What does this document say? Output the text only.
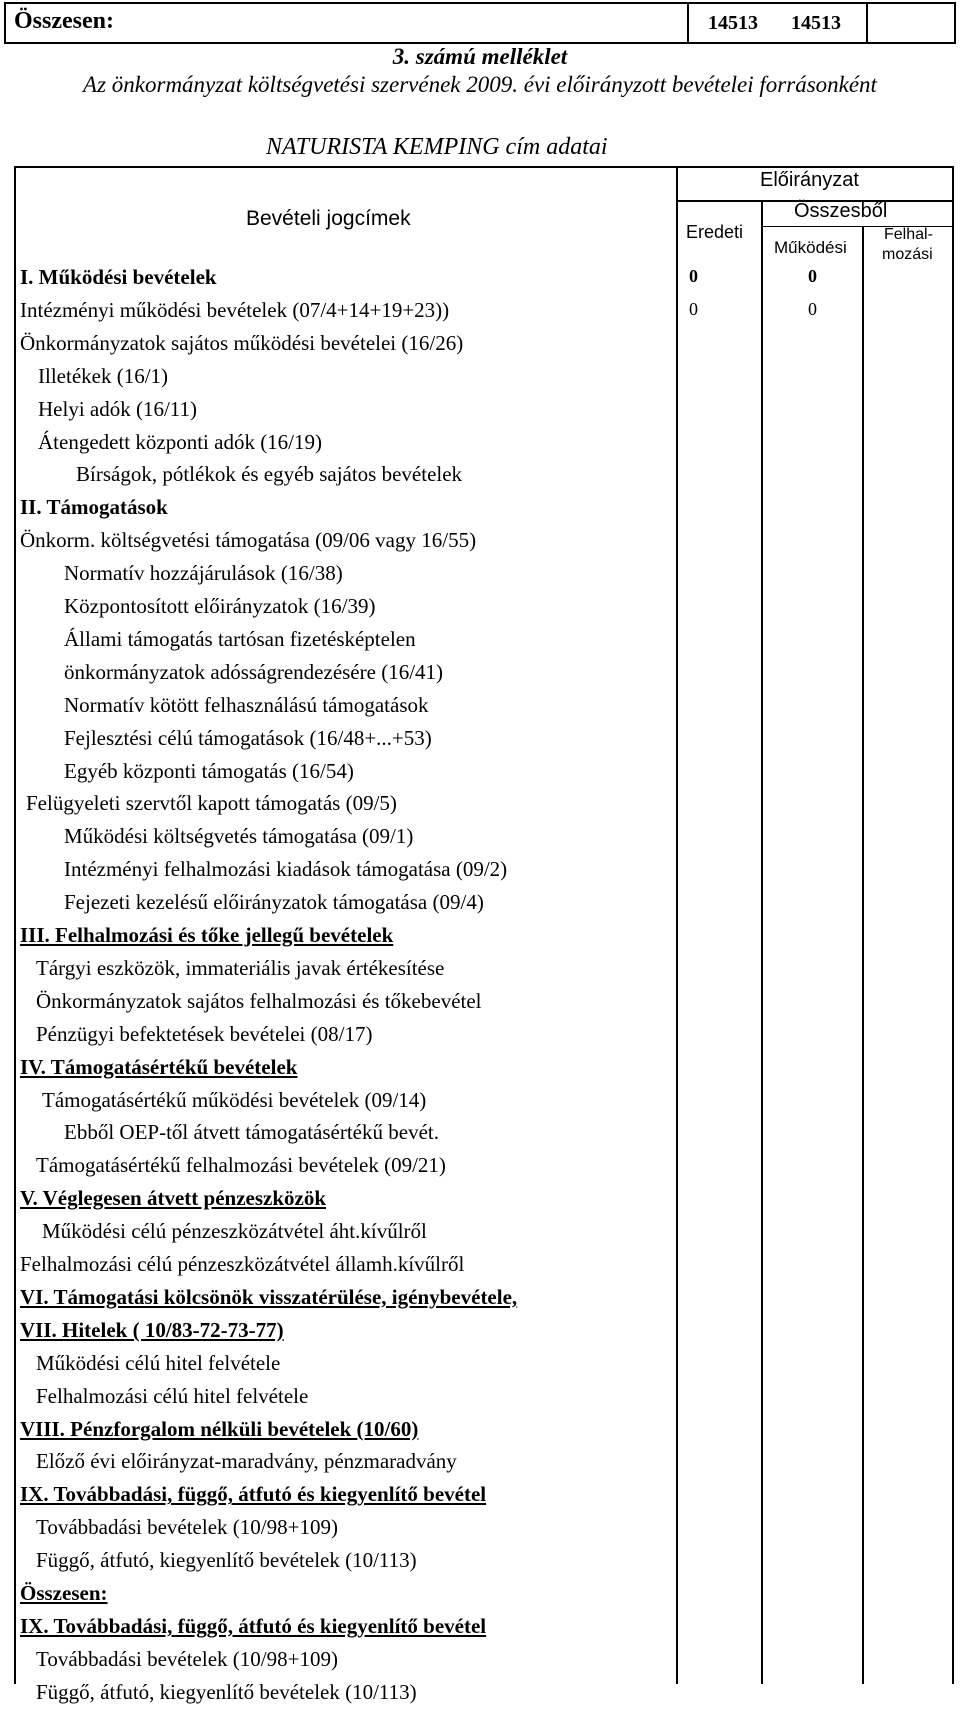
Összesen:	14513 14513
3. számú melléklet
Az önkormányzat költségvetési szervének 2009. évi előirányzott bevételei forrásonként
NATURISTA KEMPING cím adatai
Bevételi jogcímek
Előirányzat
Összesből
Eredeti
Működési
Felhal-
mozási
I. Működési bevételek	0	0
Intézményi működési bevételek (07/4+14+19+23))	0	0
Önkormányzatok sajátos működési bevételei (16/26)
Illetékek (16/1)
Helyi adók (16/11)
Átengedett központi adók (16/19)
Bírságok, pótlékok és egyéb sajátos bevételek
II. Támogatások
Önkorm. költségvetési támogatása (09/06 vagy 16/55)
Normatív hozzájárulások (16/38)
Központosított előirányzatok (16/39)
Állami támogatás tartósan fizetésképtelen
önkormányzatok adósságrendezésére (16/41)
Normatív kötött felhasználású támogatások
Fejlesztési célú támogatások (16/48+...+53)
Egyéb központi támogatás (16/54)
Felügyeleti szervtől kapott támogatás (09/5)
Működési költségvetés támogatása (09/1)
Intézményi felhalmozási kiadások támogatása (09/2)
Fejezeti kezelésű előirányzatok támogatása (09/4)
III. Felhalmozási és tőke jellegű bevételek
Tárgyi eszközök, immateriális javak értékesítése
Önkormányzatok sajátos felhalmozási és tőkebevétel
Pénzügyi befektetések bevételei (08/17)
IV. Támogatásértékű bevételek
Támogatásértékű működési bevételek (09/14)
Ebből OEP-től átvett támogatásértékű bevét.
Támogatásértékű felhalmozási bevételek (09/21)
V. Véglegesen átvett pénzeszközök
Működési célú pénzeszközátvétel áht.kívűlről
Felhalmozási célú pénzeszközátvétel államh.kívűlről
VI. Támogatási kölcsönök visszatérülése, igénybevétele,
VII. Hitelek ( 10/83-72-73-77)
Működési célú hitel felvétele
Felhalmozási célú hitel felvétele
VIII. Pénzforgalom nélküli bevételek (10/60)
Előző évi előirányzat-maradvány, pénzmaradvány
IX. Továbbadási, függő, átfutó és kiegyenlítő bevétel
Továbbadási bevételek (10/98+109)
Függő, átfutó, kiegyenlítő bevételek (10/113)
Összesen:
IX. Továbbadási, függő, átfutó és kiegyenlítő bevétel
Továbbadási bevételek (10/98+109)
Függő, átfutó, kiegyenlítő bevételek (10/113)
